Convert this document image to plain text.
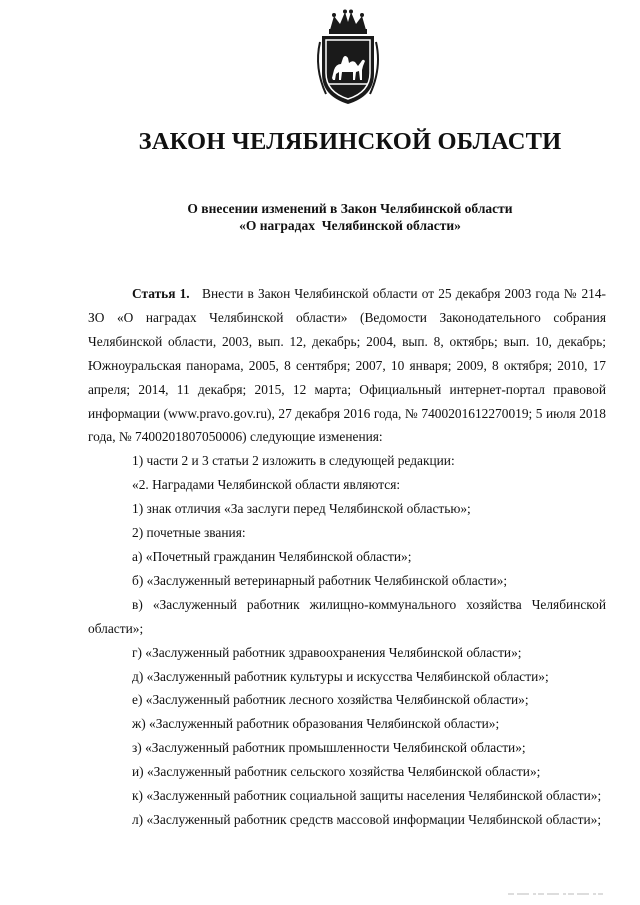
ЗАКОН ЧЕЛЯБИНСКОЙ ОБЛАСТИ
О внесении изменений в Закон Челябинской области
«О наградах  Челябинской области»

Статья 1. Внести в Закон Челябинской области от 25 декабря 2003 года № 214-ЗО «О наградах Челябинской области» (Ведомости Законодательного собрания Челябинской области, 2003, вып. 12, декабрь; 2004, вып. 8, октябрь; вып. 10, декабрь; Южноуральская панорама, 2005, 8 сентября; 2007, 10 января; 2009, 8 октября; 2010, 17 апреля; 2014, 11 декабря; 2015, 12 марта; Официальный интернет-портал правовой информации (www.pravo.gov.ru), 27 декабря 2016 года, № 7400201612270019; 5 июля 2018 года, № 7400201807050006) следующие изменения:

1) части 2 и 3 статьи 2 изложить в следующей редакции:

«2. Наградами Челябинской области являются:

1) знак отличия «За заслуги перед Челябинской областью»;

2) почетные звания:

а) «Почетный гражданин Челябинской области»;

б) «Заслуженный ветеринарный работник Челябинской области»;

в) «Заслуженный работник жилищно-коммунального хозяйства Челябинской области»;

г) «Заслуженный работник здравоохранения Челябинской области»;

д) «Заслуженный работник культуры и искусства Челябинской области»;

е) «Заслуженный работник лесного хозяйства Челябинской области»;

ж) «Заслуженный работник образования Челябинской области»;

з) «Заслуженный работник промышленности Челябинской области»;

и) «Заслуженный работник сельского хозяйства Челябинской области»;

к) «Заслуженный работник социальной защиты населения Челябинской области»;

л) «Заслуженный работник средств массовой информации Челябинской области»;
